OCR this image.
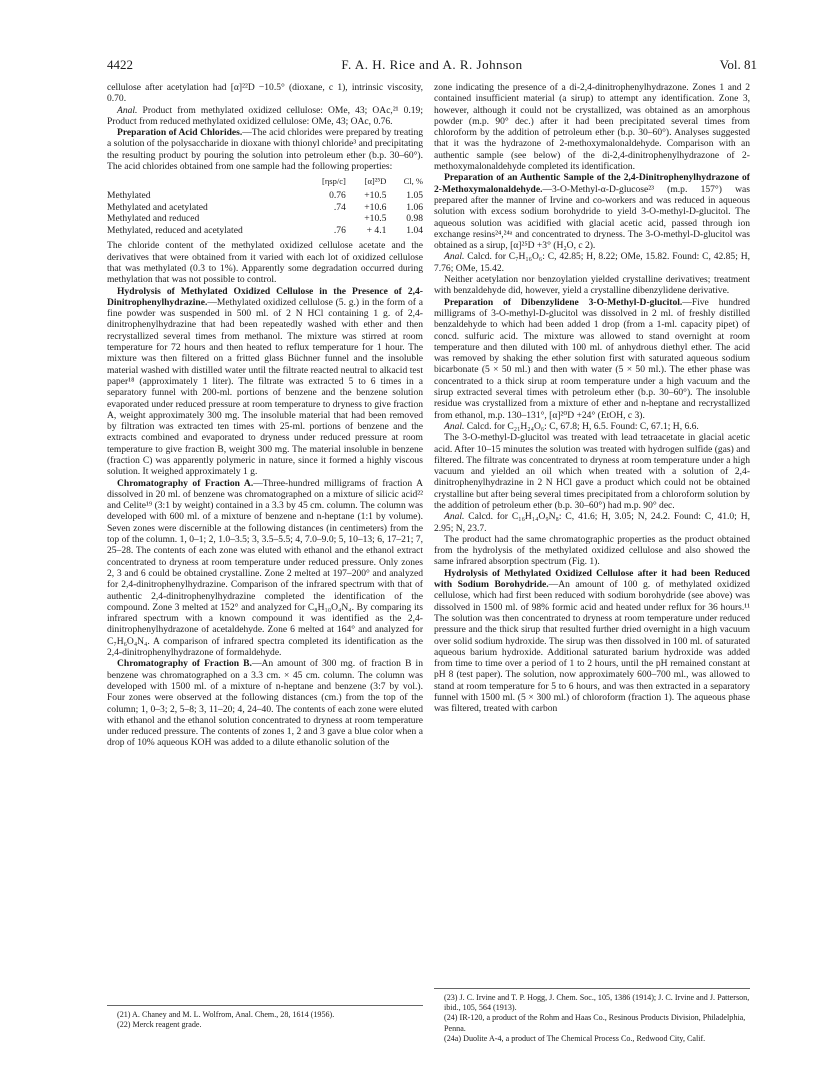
4422	F. A. H. Rice and A. R. Johnson	Vol. 81

cellulose after acetylation had [α]²²D −10.5° (dioxane, c 1), intrinsic viscosity, 0.70.

Anal. Product from methylated oxidized cellulose: OMe, 43; OAc,²¹ 0.19; Product from reduced methylated oxidized cellulose: OMe, 43; OAc, 0.76.

Preparation of Acid Chlorides.—The acid chlorides were prepared by treating a solution of the polysaccharide in dioxane with thionyl chloride³ and precipitating the resulting product by pouring the solution into petroleum ether (b.p. 30–60°). The acid chlorides obtained from one sample had the following properties:

	[ηsp/c]	[α]²⁵D	Cl, %
Methylated	0.76	+10.5	1.05
Methylated and acetylated	.74	+10.6	1.06
Methylated and reduced		+10.5	0.98
Methylated, reduced and acetylated	.76	+ 4.1	1.04

The chloride content of the methylated oxidized cellulose acetate and the derivatives that were obtained from it varied with each lot of oxidized cellulose that was methylated (0.3 to 1%). Apparently some degradation occurred during methylation that was not possible to control.

Hydrolysis of Methylated Oxidized Cellulose in the Presence of 2,4-Dinitrophenylhydrazine.—Methylated oxidized cellulose (5. g.) in the form of a fine powder was suspended in 500 ml. of 2 N HCl containing 1 g. of 2,4-dinitrophenylhydrazine that had been repeatedly washed with ether and then recrystallized several times from methanol. The mixture was stirred at room temperature for 72 hours and then heated to reflux temperature for 1 hour. The mixture was then filtered on a fritted glass Büchner funnel and the insoluble material washed with distilled water until the filtrate reacted neutral to alkacid test paper¹⁸ (approximately 1 liter). The filtrate was extracted 5 to 6 times in a separatory funnel with 200-ml. portions of benzene and the benzene solution evaporated under reduced pressure at room temperature to dryness to give fraction A, weight approximately 300 mg. The insoluble material that had been removed by filtration was extracted ten times with 25-ml. portions of benzene and the extracts combined and evaporated to dryness under reduced pressure at room temperature to give fraction B, weight 300 mg. The material insoluble in benzene (fraction C) was apparently polymeric in nature, since it formed a highly viscous solution. It weighed approximately 1 g.

Chromatography of Fraction A.—Three-hundred milligrams of fraction A dissolved in 20 ml. of benzene was chromatographed on a mixture of silicic acid²² and Celite¹⁹ (3:1 by weight) contained in a 3.3 by 45 cm. column. The column was developed with 600 ml. of a mixture of benzene and n-heptane (1:1 by volume). Seven zones were discernible at the following distances (in centimeters) from the top of the column. 1, 0–1; 2, 1.0–3.5; 3, 3.5–5.5; 4, 7.0–9.0; 5, 10–13; 6, 17–21; 7, 25–28. The contents of each zone was eluted with ethanol and the ethanol extract concentrated to dryness at room temperature under reduced pressure. Only zones 2, 3 and 6 could be obtained crystalline. Zone 2 melted at 197–200° and analyzed for 2,4-dinitrophenylhydrazine. Comparison of the infrared spectrum with that of authentic 2,4-dinitrophenylhydrazine completed the identification of the compound. Zone 3 melted at 152° and analyzed for C₈H₁₀O₄N₄. By comparing its infrared spectrum with a known compound it was identified as the 2,4-dinitrophenylhydrazone of acetaldehyde. Zone 6 melted at 164° and analyzed for C₇H₆O₄N₄. A comparison of infrared spectra completed its identification as the 2,4-dinitrophenylhydrazone of formaldehyde.

Chromatography of Fraction B.—An amount of 300 mg. of fraction B in benzene was chromatographed on a 3.3 cm. × 45 cm. column. The column was developed with 1500 ml. of a mixture of n-heptane and benzene (3:7 by vol.). Four zones were observed at the following distances (cm.) from the top of the column; 1, 0–3; 2, 5–8; 3, 11–20; 4, 24–40. The contents of each zone were eluted with ethanol and the ethanol solution concentrated to dryness at room temperature under reduced pressure. The contents of zones 1, 2 and 3 gave a blue color when a drop of 10% aqueous KOH was added to a dilute ethanolic solution of the

zone indicating the presence of a di-2,4-dinitrophenylhydrazone. Zones 1 and 2 contained insufficient material (a sirup) to attempt any identification. Zone 3, however, although it could not be crystallized, was obtained as an amorphous powder (m.p. 90° dec.) after it had been precipitated several times from chloroform by the addition of petroleum ether (b.p. 30–60°). Analyses suggested that it was the hydrazone of 2-methoxymalonaldehyde. Comparison with an authentic sample (see below) of the di-2,4-dinitrophenylhydrazone of 2-methoxymalonaldehyde completed its identification.

Preparation of an Authentic Sample of the 2,4-Dinitrophenylhydrazone of 2-Methoxymalonaldehyde.—3-O-Methyl-α-D-glucose²³ (m.p. 157°) was prepared after the manner of Irvine and co-workers and was reduced in aqueous solution with excess sodium borohydride to yield 3-O-methyl-D-glucitol. The aqueous solution was acidified with glacial acetic acid, passed through ion exchange resins²⁴,²⁴ᵃ and concentrated to dryness. The 3-O-methyl-D-glucitol was obtained as a sirup, [α]²⁵D +3° (H₂O, c 2).

Anal. Calcd. for C₇H₁₆O₆: C, 42.85; H, 8.22; OMe, 15.82. Found: C, 42.85; H, 7.76; OMe, 15.42.

Neither acetylation nor benzoylation yielded crystalline derivatives; treatment with benzaldehyde did, however, yield a crystalline dibenzylidene derivative.

Preparation of Dibenzylidene 3-O-Methyl-D-glucitol.—Five hundred milligrams of 3-O-methyl-D-glucitol was dissolved in 2 ml. of freshly distilled benzaldehyde to which had been added 1 drop (from a 1-ml. capacity pipet) of concd. sulfuric acid. The mixture was allowed to stand overnight at room temperature and then diluted with 100 ml. of anhydrous diethyl ether. The acid was removed by shaking the ether solution first with saturated aqueous sodium bicarbonate (5 × 50 ml.) and then with water (5 × 50 ml.). The ether phase was concentrated to a thick sirup at room temperature under a high vacuum and the sirup extracted several times with petroleum ether (b.p. 30–60°). The insoluble residue was crystallized from a mixture of ether and n-heptane and recrystallized from ethanol, m.p. 130–131°, [α]²⁰D +24° (EtOH, c 3).

Anal. Calcd. for C₂₁H₂₄O₆: C, 67.8; H, 6.5. Found: C, 67.1; H, 6.6.

The 3-O-methyl-D-glucitol was treated with lead tetraacetate in glacial acetic acid. After 10–15 minutes the solution was treated with hydrogen sulfide (gas) and filtered. The filtrate was concentrated to dryness at room temperature under a high vacuum and yielded an oil which when treated with a solution of 2,4-dinitrophenylhydrazine in 2 N HCl gave a product which could not be obtained crystalline but after being several times precipitated from a chloroform solution by the addition of petroleum ether (b.p. 30–60°) had m.p. 90° dec.

Anal. Calcd. for C₁₆H₁₄O₉N₈: C, 41.6; H, 3.05; N, 24.2. Found: C, 41.0; H, 2.95; N, 23.7.

The product had the same chromatographic properties as the product obtained from the hydrolysis of the methylated oxidized cellulose and also showed the same infrared absorption spectrum (Fig. 1).

Hydrolysis of Methylated Oxidized Cellulose after it had been Reduced with Sodium Borohydride.—An amount of 100 g. of methylated oxidized cellulose, which had first been reduced with sodium borohydride (see above) was dissolved in 1500 ml. of 98% formic acid and heated under reflux for 36 hours.¹¹ The solution was then concentrated to dryness at room temperature under reduced pressure and the thick sirup that resulted further dried overnight in a high vacuum over solid sodium hydroxide. The sirup was then dissolved in 100 ml. of saturated aqueous barium hydroxide. Additional saturated barium hydroxide was added from time to time over a period of 1 to 2 hours, until the pH remained constant at pH 8 (test paper). The solution, now approximately 600–700 ml., was allowed to stand at room temperature for 5 to 6 hours, and was then extracted in a separatory funnel with 1500 ml. (5 × 300 ml.) of chloroform (fraction 1). The aqueous phase was filtered, treated with carbon

(21) A. Chaney and M. L. Wolfrom, Anal. Chem., 28, 1614 (1956).

(22) Merck reagent grade.

(23) J. C. Irvine and T. P. Hogg, J. Chem. Soc., 105, 1386 (1914); J. C. Irvine and J. Patterson, ibid., 105, 564 (1913).

(24) IR-120, a product of the Rohm and Haas Co., Resinous Products Division, Philadelphia, Penna.

(24a) Duolite A-4, a product of The Chemical Process Co., Redwood City, Calif.
